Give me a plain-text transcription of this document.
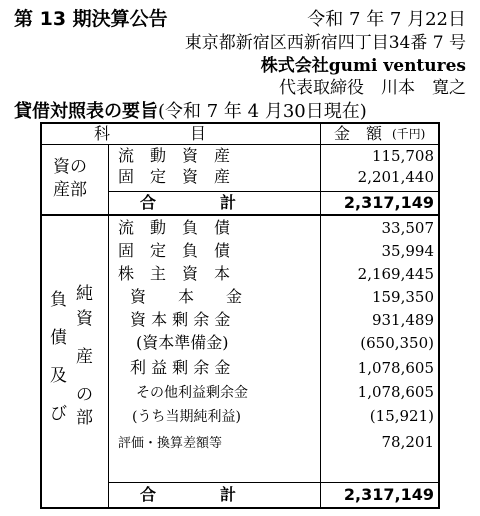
第 13 期決算公告	令和 7 年 7 月22日
東京都新宿区西新宿四丁目34番 7 号
株式会社gumi ventures
代表取締役　川本　寛之
貸借対照表の要旨(令和 7 年 4 月30日現在)
科　　　　　目	金　額 (千円)
資の
産部
流　動　資　産	115,708
固　定　資　産	2,201,440
合　　　　計	2,317,149
負
債
及
び
純
資
産
の
部
流　動　負　債	33,507
固　定　負　債	35,994
株　主　資　本	2,169,445
資　　本　　金	159,350
資 本 剰 余 金	931,489
(資本準備金)	(650,350)
利 益 剰 余 金	1,078,605
その他利益剰余金	1,078,605
(うち当期純利益)	(15,921)
評価・換算差額等	78,201
合　　　　計	2,317,149
